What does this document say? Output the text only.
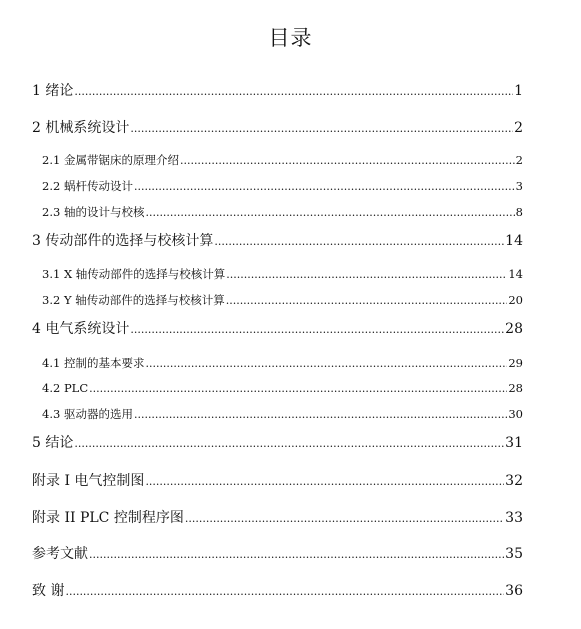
目录
1 绪论 .....	1
2 机械系统设计 .....	2
2.1 金属带锯床的原理介绍 .....	2
2.2 蜗杆传动设计 .....	3
2.3 轴的设计与校核 .....	8
3 传动部件的选择与校核计算 .....	14
3.1 X 轴传动部件的选择与校核计算 .....	14
3.2 Y 轴传动部件的选择与校核计算 .....	20
4 电气系统设计 .....	28
4.1 控制的基本要求 .....	29
4.2 PLC .....	28
4.3 驱动器的选用 .....	30
5 结论 .....	31
附录 I 电气控制图 .....	32
附录 II PLC 控制程序图 .....	33
参考文献 .....	35
致 谢 .....	36
